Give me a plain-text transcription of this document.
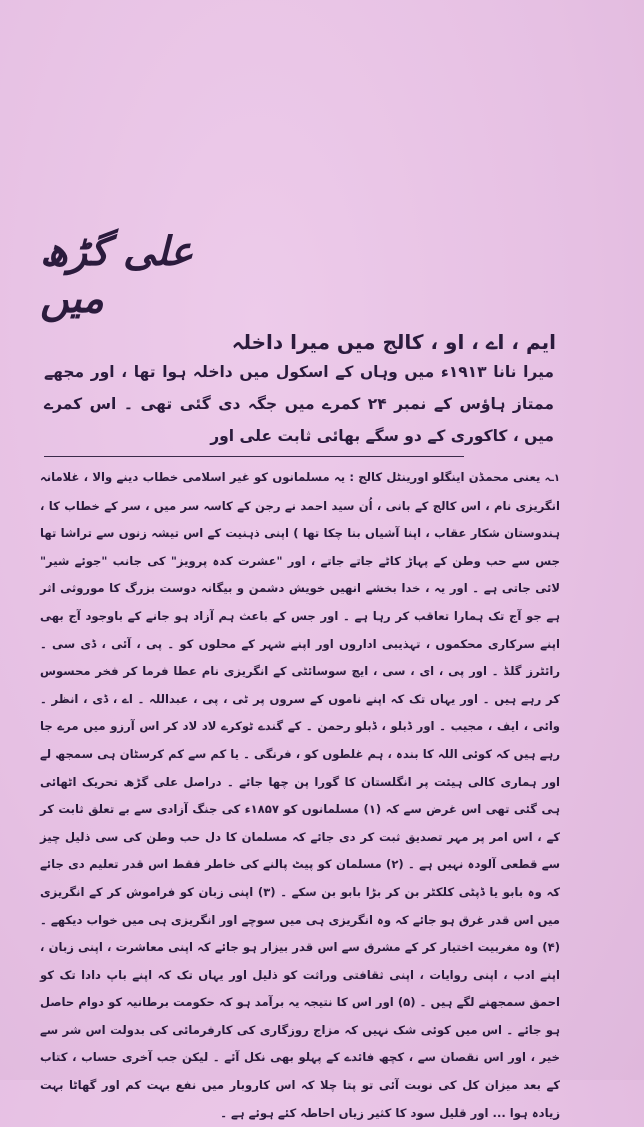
علی گڑھ میں
ایم ، اے ، او ، کالج میں میرا داخلہ

میرا نانا ۱۹۱۳ء میں وہاں کے اسکول میں داخلہ ہوا تھا ، اور مجھے ممتاز ہاؤس کے نمبر ۲۴ کمرے میں جگہ دی گئی تھی ۔ اس کمرے میں ، کاکوری کے دو سگے بھائی ثابت علی اور

۱ـہ یعنی محمڈن اینگلو اورینٹل کالج : یہ مسلمانوں کو غیر اسلامی خطاب دینے والا ، غلامانہ انگریزی نام ، اس کالج کے بانی ، اُن سید احمد نے رجن کے کاسہ سر میں ، سر کے خطاب کا ، ہندوستان شکار عقاب ، اپنا آشیاں بنا چکا تھا ) اپنی ذہنیت کے اس تیشہ زنوں سے تراشا تھا جس سے حب وطن کے پہاڑ کاٹے جاتے جاتے ، اور "عشرت کدہ پرویز" کی جانب "جوئے شیر" لائی جاتی ہے ۔ اور یہ ، خدا بخشے انھیں خویش دشمن و بیگانہ دوست بزرگ کا موروثی اثر ہے جو آج تک ہمارا تعاقب کر رہا ہے ۔ اور جس کے باعث ہم آزاد ہو جانے کے باوجود آج بھی اپنے سرکاری محکموں ، تہذیبی اداروں اور اپنے شہر کے محلوں کو ۔ پی ، آئی ، ڈی سی ۔ رائٹرز گلڈ ۔ اور پی ، ای ، سی ، ایچ سوسائٹی کے انگریزی نام عطا فرما کر فخر محسوس کر رہے ہیں ۔ اور یہاں تک کہ اپنے ناموں کے سروں پر ٹی ، پی ، عبداللہ ۔ اے ، ڈی ، انظر ۔ وائی ، ایف ، مجیب ۔ اور ڈبلو ، ڈبلو رحمن ۔ کے گندے ٹوکرے لاد لاد کر اس آرزو میں مرے جا رہے ہیں کہ کوئی اللہ کا بندہ ، ہم غلطوں کو ، فرنگی ۔ یا کم سے کم کرسٹان ہی سمجھ لے اور ہماری کالی ہیئت پر انگلستان کا گورا پن چھا جائے ۔ دراصل علی گڑھ تحریک اٹھائی ہی گئی تھی اس غرض سے کہ (۱) مسلمانوں کو ۱۸۵۷ء کی جنگ آزادی سے بے تعلق ثابت کر کے ، اس امر پر مہر تصدیق ثبت کر دی جائے کہ مسلمان کا دل حب وطن کی سی ذلیل چیز سے قطعی آلودہ نہیں ہے ۔ (۲) مسلمان کو پیٹ پالنے کی خاطر فقط اس قدر تعلیم دی جائے کہ وہ بابو یا ڈپٹی کلکٹر بن کر بڑا بابو بن سکے ۔ (۳) اپنی زبان کو فراموش کر کے انگریزی میں اس قدر غرق ہو جائے کہ وہ انگریزی ہی میں سوچے اور انگریزی ہی میں خواب دیکھے ۔ (۴) وہ مغربیت اختیار کر کے مشرق سے اس قدر بیزار ہو جائے کہ اپنی معاشرت ، اپنی زبان ، اپنے ادب ، اپنی روایات ، اپنی ثقافتی وراثت کو ذلیل اور یہاں تک کہ اپنے باپ دادا تک کو احمق سمجھنے لگے ہیں ۔ (۵) اور اس کا نتیجہ یہ برآمد ہو کہ حکومت برطانیہ کو دوام حاصل ہو جائے ۔ اس میں کوئی شک نہیں کہ مزاج روزگاری کی کارفرمائی کی بدولت اس شر سے خیر ، اور اس نقصان سے ، کچھ فائدے کے پہلو بھی نکل آئے ۔ لیکن جب آخری حساب ، کتاب کے بعد میزان کل کی نوبت آئی تو پتا چلا کہ اس کاروبار میں نفع بہت کم اور گھاٹا بہت زیادہ ہوا ... اور قلیل سود کا کثیر زیاں احاطہ کئے ہوئے ہے ۔
